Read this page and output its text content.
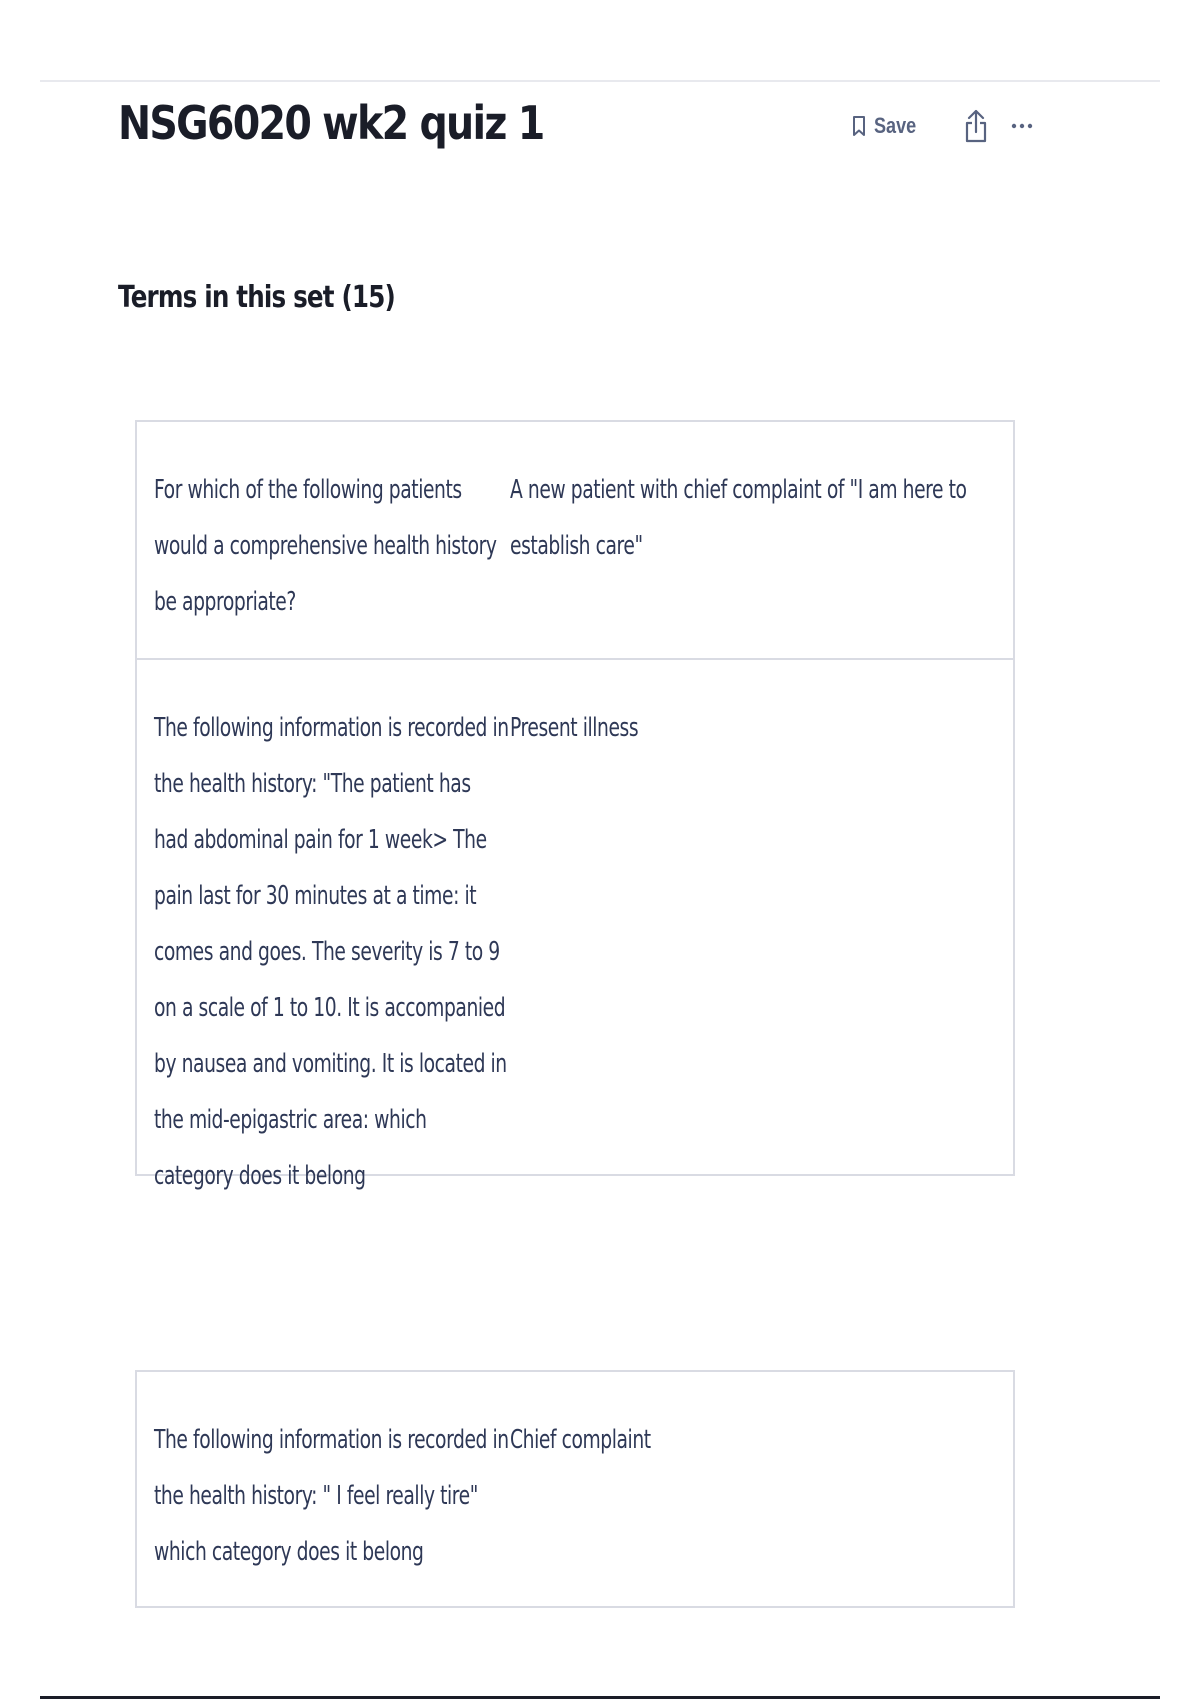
NSG6020 wk2 quiz 1	Save
Terms in this set (15)
For which of the following patients would a comprehensive health history be appropriate?
A new patient with chief complaint of "I am here to establish care"
The following information is recorded in the health history: "The patient has had abdominal pain for 1 week> The pain last for 30 minutes at a time: it comes and goes. The severity is 7 to 9 on a scale of 1 to 10. It is accompanied by nausea and vomiting. It is located in the mid-epigastric area: which category does it belong
Present illness
The following information is recorded in the health history: " I feel really tire" which category does it belong
Chief complaint
